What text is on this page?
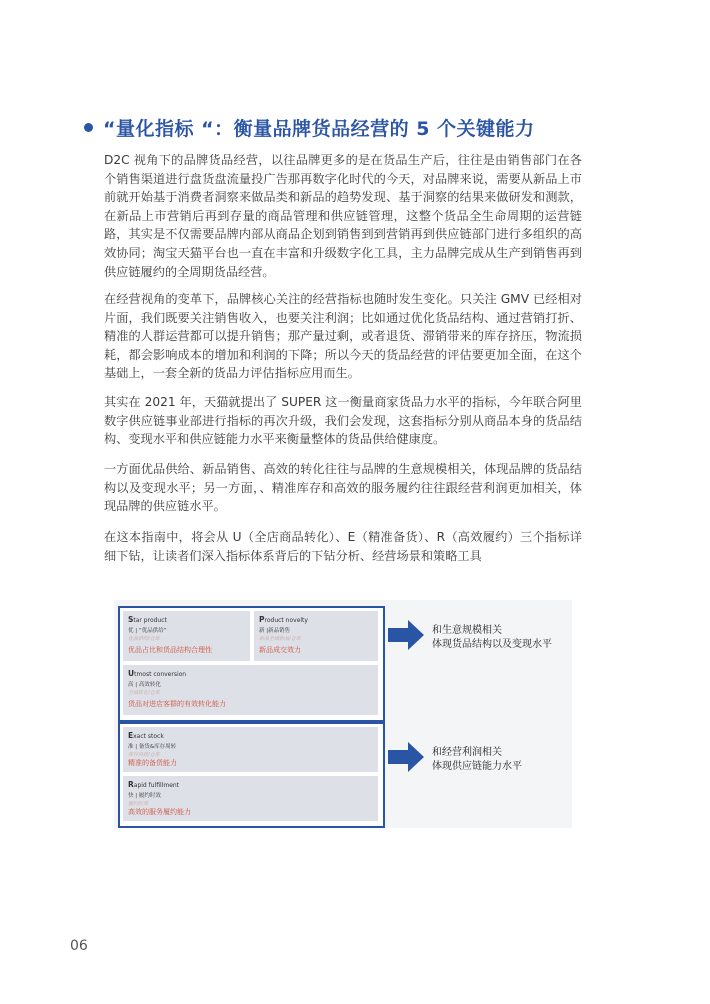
“量化指标 “：衡量品牌货品经营的 5 个关键能力

D2C 视角下的品牌货品经营，以往品牌更多的是在货品生产后，往往是由销售部门在各个销售渠道进行盘货盘流量投广告那再数字化时代的今天，对品牌来说，需要从新品上市前就开始基于消费者洞察来做品类和新品的趋势发现、基于洞察的结果来做研发和测款，在新品上市营销后再到存量的商品管理和供应链管理，这整个货品全生命周期的运营链路，其实是不仅需要品牌内部从商品企划到销售到到营销再到供应链部门进行多组织的高效协同；淘宝天猫平台也一直在丰富和升级数字化工具，主力品牌完成从生产到销售再到供应链履约的全周期货品经营。

在经营视角的变革下，品牌核心关注的经营指标也随时发生变化。只关注 GMV 已经相对片面，我们既要关注销售收入，也要关注利润；比如通过优化货品结构、通过营销打折、精准的人群运营都可以提升销售；那产量过剩，或者退货、滞销带来的库存挤压，物流损耗，都会影响成本的增加和利润的下降；所以今天的货品经营的评估要更加全面，在这个基础上，一套全新的货品力评估指标应用而生。

其实在 2021 年，天猫就提出了 SUPER 这一衡量商家货品力水平的指标，今年联合阿里数字供应链事业部进行指标的再次升级，我们会发现，这套指标分别从商品本身的货品结构、变现水平和供应链能力水平来衡量整体的货品供给健康度。

一方面优品供给、新品销售、高效的转化往往与品牌的生意规模相关，体现品牌的货品结构以及变现水平；另一方面，、精准库存和高效的服务履约往往跟经营利润更加相关，体现品牌的供应链水平。

在这本指南中，将会从 U（全店商品转化）、E（精准备货）、R（高效履约）三个指标详细下钻，让读者们深入指标体系背后的下钻分析、经营场景和策略工具

Star product
优 | “优品供给”
优品供给/仓库
优品占比和货品结构合理性
Product novelty
新 |新品销售
新品全域新品/仓库
新品成交效力
Utmost conversion
高 | 高效转化
全域转化/仓库
货品对进店客群的有效转化能力
Exact stock
准 | 备货&库存周转
库存周转/仓库
精准的备货能力
Rapid fulfillment
快 | 履约时效
履约时效
高效的服务履约能力
和生意规模相关
体现货品结构以及变现水平
和经营利润相关
体现供应链能力水平
06
